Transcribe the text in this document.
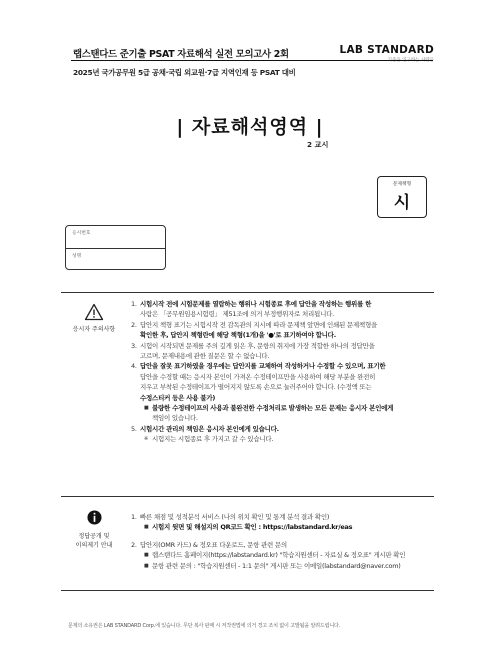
랩스탠다드 준기출 PSAT 자료해석 실전 모의고사 2회	LAB STANDARD
기준을 연구하는 사람들
2025년 국가공무원 5급 공채·국립 외교원·7급 지역인재 등 PSAT 대비
| 자료해석영역 |
2 교시
문제책형
시
응시번호
성명
응시자 주의사항
1. 시험시작 전에 시험문제를 열람하는 행위나 시험종료 후에 답안을 작성하는 행위를 한
사람은 「공무원임용시험령」 제51조에 의거 부정행위자로 처리됩니다.
2. 답안지 책형 표기는 시험시작 전 감독관의 지시에 따라 문제책 앞면에 인쇄된 문제책형을
확인한 후, 답안지 책형란에 해당 책형(1개)을 '●'로 표기하여야 합니다.
3. 시험이 시작되면 문제를 주의 깊게 읽은 후, 문항의 취지에 가장 적합한 하나의 정답만을
고르며, 문제내용에 관한 질문은 할 수 없습니다.
4. 답안을 잘못 표기하였을 경우에는 답안지를 교체하여 작성하거나 수정할 수 있으며, 표기한
답안을 수정할 때는 응시자 본인이 가져온 수정테이프만을 사용하여 해당 부분을 완전히
지우고 부착된 수정테이프가 떨어지지 않도록 손으로 눌러주어야 합니다. (수정액 또는
수정스티커 등은 사용 불가)
■ 불량한 수정테이프의 사용과 불완전한 수정처리로 발생하는 모든 문제는 응시자 본인에게
책임이 있습니다.
5. 시험시간 관리의 책임은 응시자 본인에게 있습니다.
※ 시험지는 시험종료 후 가지고 갈 수 있습니다.
정답공개 및
이의제기 안내
1. 빠른 채점 및 성적분석 서비스 (나의 위치 확인 및 통계 분석 결과 확인)
■ 시험지 뒷면 및 해설지의 QR코드 확인 : https://labstandard.kr/eas
2. 답안지(OMR 카드) & 정오표 다운로드, 문항 관련 문의
■ 랩스탠다드 홈페이지(https://labstandard.kr) "학습지원센터 - 자료실 & 정오표" 게시판 확인
■ 문항 관련 문의 : "학습지원센터 - 1:1 문의" 게시판 또는 이메일(labstandard@naver.com)
문제의 소유권은 LAB STANDARD Corp.에 있습니다. 무단 복사 판매 시 저작권법에 의거 경고 조치 없이 고발됨을 알려드립니다.
